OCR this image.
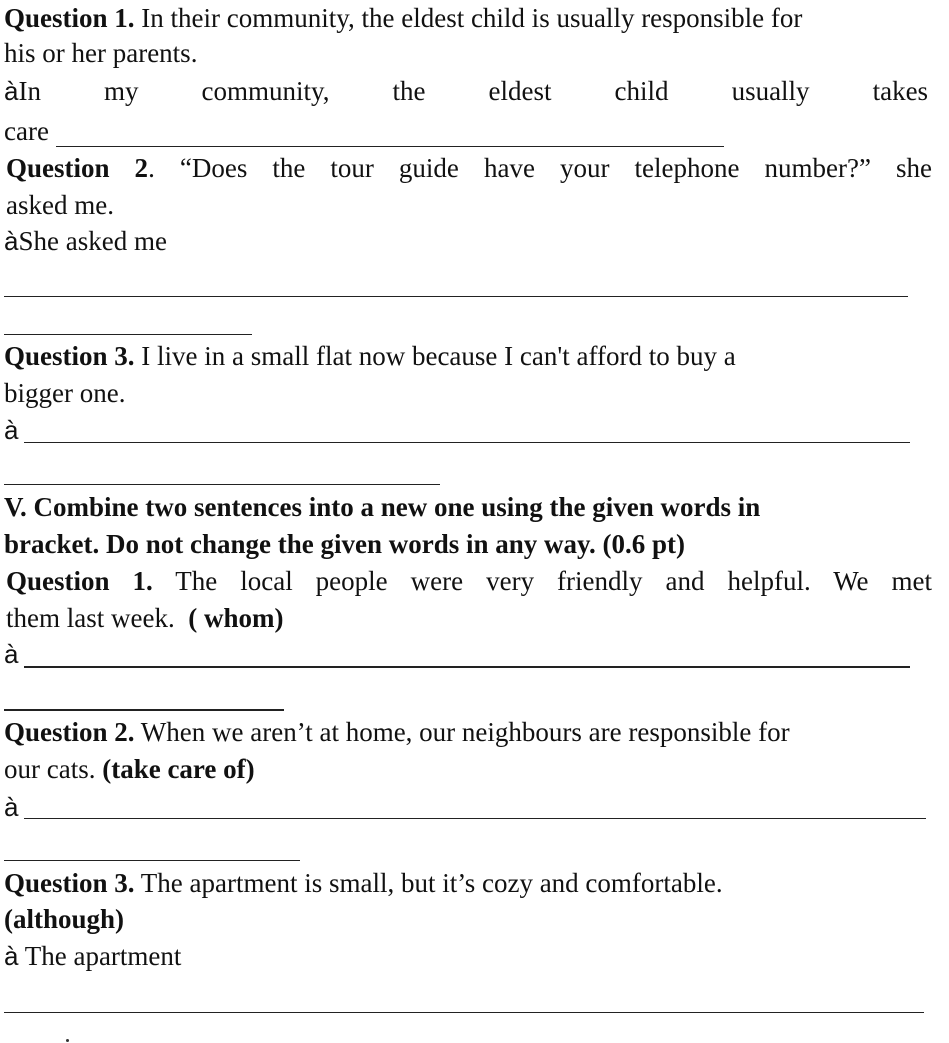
Question 1. In their community, the eldest child is usually responsible for
his or her parents.
àIn my community, the eldest child usually takes
care
Question 2. “Does the tour guide have your telephone number?” she
asked me.
àShe asked me
Question 3. I live in a small flat now because I can't afford to buy a
bigger one.
à
V. Combine two sentences into a new one using the given words in
bracket. Do not change the given words in any way. (0.6 pt)
Question 1. The local people were very friendly and helpful. We met
them last week.  ( whom)
à
Question 2. When we aren’t at home, our neighbours are responsible for
our cats. (take care of)
à
Question 3. The apartment is small, but it’s cozy and comfortable.
(although)
à The apartment
